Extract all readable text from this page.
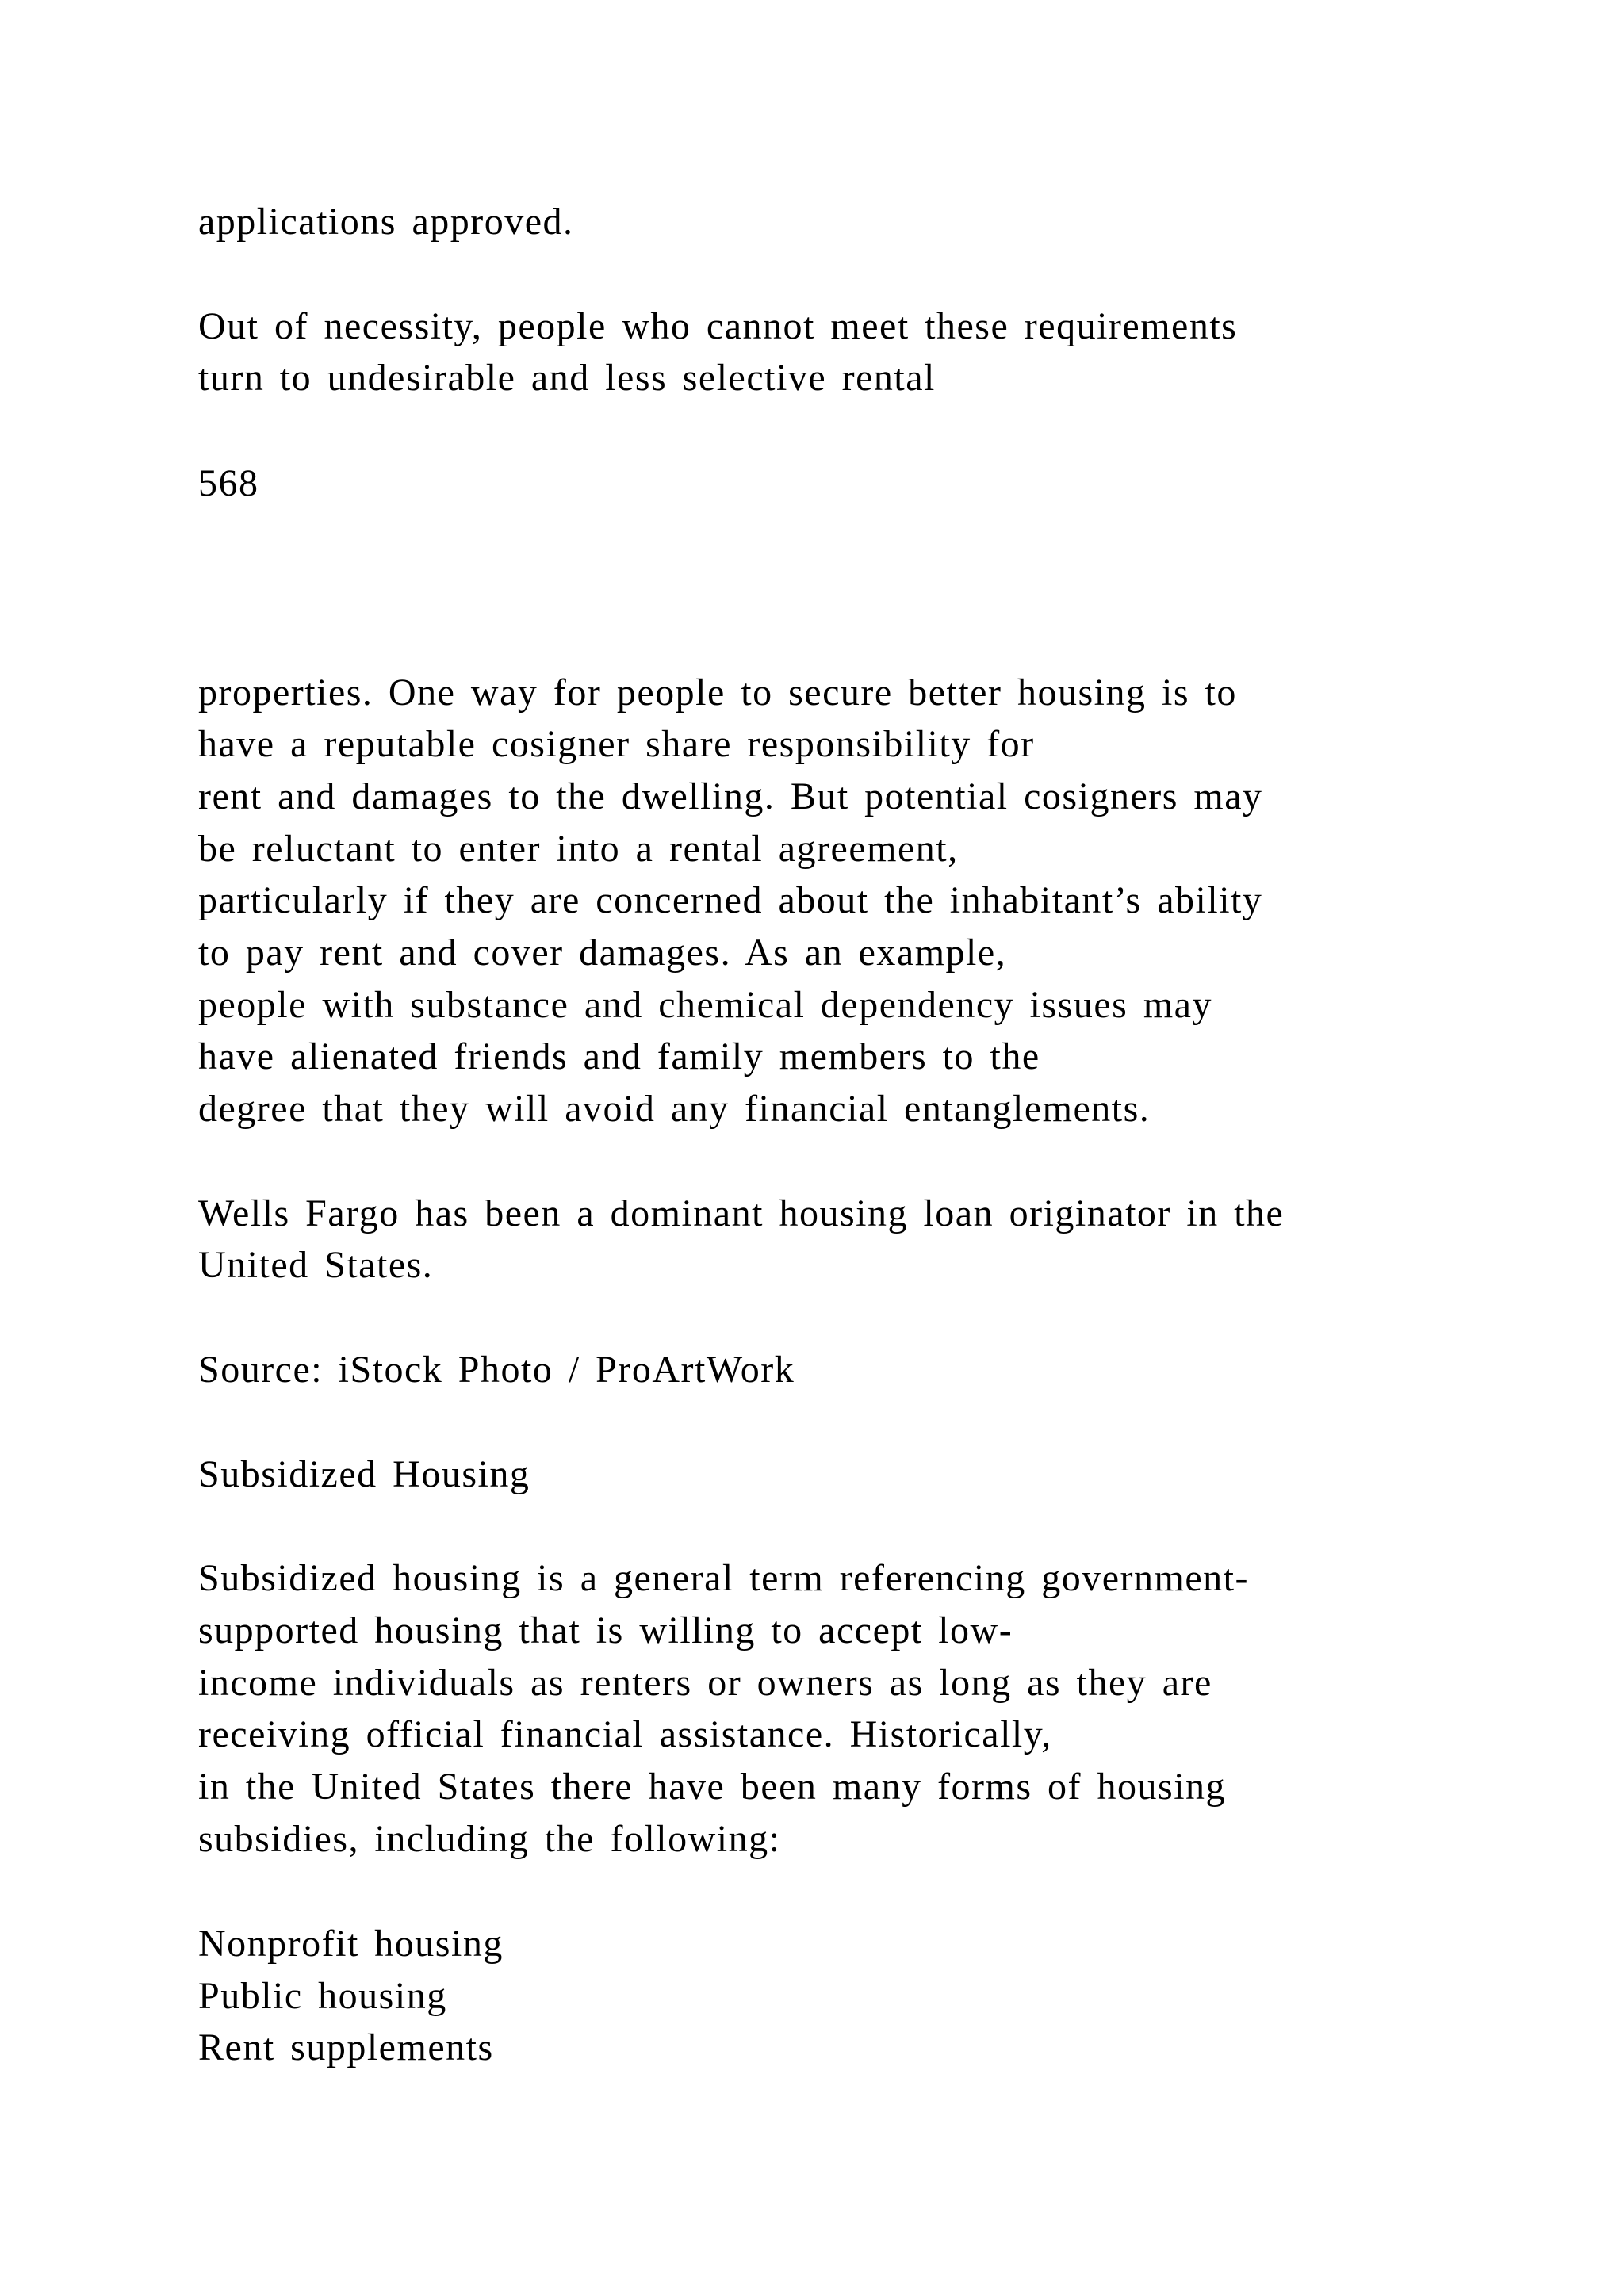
applications approved.

Out of necessity, people who cannot meet these requirements

turn to undesirable and less selective rental

568

properties. One way for people to secure better housing is to

have a reputable cosigner share responsibility for

rent and damages to the dwelling. But potential cosigners may

be reluctant to enter into a rental agreement,

particularly if they are concerned about the inhabitant’s ability

to pay rent and cover damages. As an example,

people with substance and chemical dependency issues may

have alienated friends and family members to the

degree that they will avoid any financial entanglements.

Wells Fargo has been a dominant housing loan originator in the

United States.

Source: iStock Photo / ProArtWork

Subsidized Housing

Subsidized housing is a general term referencing government-

supported housing that is willing to accept low-

income individuals as renters or owners as long as they are

receiving official financial assistance. Historically,

in the United States there have been many forms of housing

subsidies, including the following:

Nonprofit housing

Public housing

Rent supplements
